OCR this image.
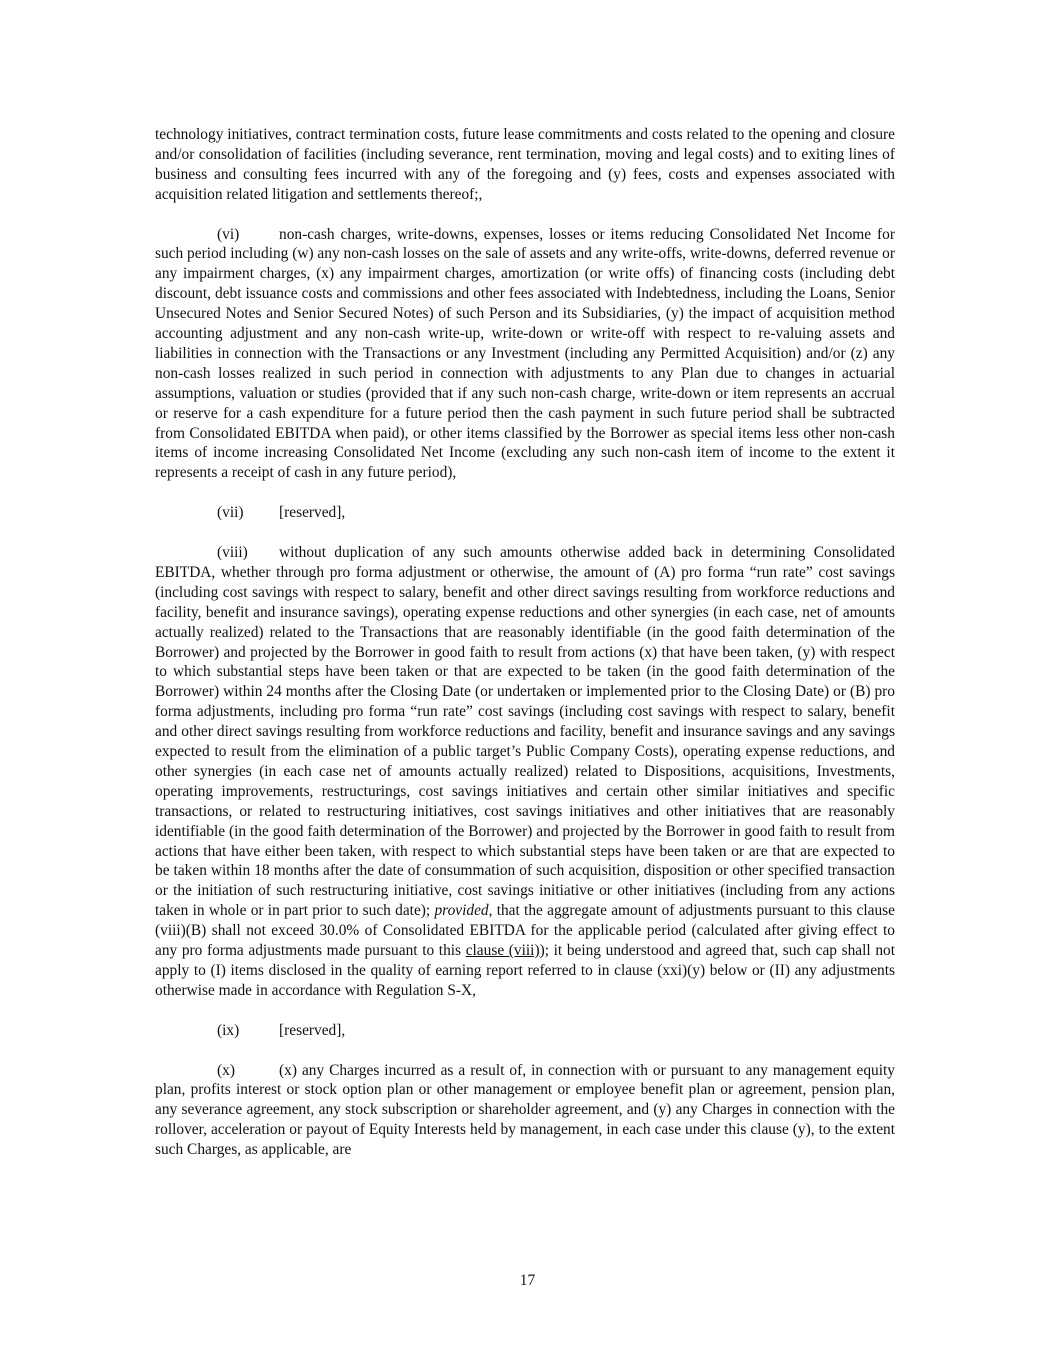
technology initiatives, contract termination costs, future lease commitments and costs related to the opening and closure and/or consolidation of facilities (including severance, rent termination, moving and legal costs) and to exiting lines of business and consulting fees incurred with any of the foregoing and (y) fees, costs and expenses associated with acquisition related litigation and settlements thereof;,

(vi)	non-cash charges, write-downs, expenses, losses or items reducing Consolidated Net Income for such period including (w) any non-cash losses on the sale of assets and any write-offs, write-downs, deferred revenue or any impairment charges, (x) any impairment charges, amortization (or write offs) of financing costs (including debt discount, debt issuance costs and commissions and other fees associated with Indebtedness, including the Loans, Senior Unsecured Notes and Senior Secured Notes) of such Person and its Subsidiaries, (y) the impact of acquisition method accounting adjustment and any non-cash write-up, write-down or write-off with respect to re-valuing assets and liabilities in connection with the Transactions or any Investment (including any Permitted Acquisition) and/or (z) any non-cash losses realized in such period in connection with adjustments to any Plan due to changes in actuarial assumptions, valuation or studies (provided that if any such non-cash charge, write-down or item represents an accrual or reserve for a cash expenditure for a future period then the cash payment in such future period shall be subtracted from Consolidated EBITDA when paid), or other items classified by the Borrower as special items less other non-cash items of income increasing Consolidated Net Income (excluding any such non-cash item of income to the extent it represents a receipt of cash in any future period),

(vii) [reserved],

(viii) without duplication of any such amounts otherwise added back in determining Consolidated EBITDA, whether through pro forma adjustment or otherwise, the amount of (A) pro forma “run rate” cost savings (including cost savings with respect to salary, benefit and other direct savings resulting from workforce reductions and facility, benefit and insurance savings), operating expense reductions and other synergies (in each case, net of amounts actually realized) related to the Transactions that are reasonably identifiable (in the good faith determination of the Borrower) and projected by the Borrower in good faith to result from actions (x) that have been taken, (y) with respect to which substantial steps have been taken or that are expected to be taken (in the good faith determination of the Borrower) within 24 months after the Closing Date (or undertaken or implemented prior to the Closing Date) or (B) pro forma adjustments, including pro forma “run rate” cost savings (including cost savings with respect to salary, benefit and other direct savings resulting from workforce reductions and facility, benefit and insurance savings and any savings expected to result from the elimination of a public target’s Public Company Costs), operating expense reductions, and other synergies (in each case net of amounts actually realized) related to Dispositions, acquisitions, Investments, operating improvements, restructurings, cost savings initiatives and certain other similar initiatives and specific transactions, or related to restructuring initiatives, cost savings initiatives and other initiatives that are reasonably identifiable (in the good faith determination of the Borrower) and projected by the Borrower in good faith to result from actions that have either been taken, with respect to which substantial steps have been taken or are that are expected to be taken within 18 months after the date of consummation of such acquisition, disposition or other specified transaction or the initiation of such restructuring initiative, cost savings initiative or other initiatives (including from any actions taken in whole or in part prior to such date); provided, that the aggregate amount of adjustments pursuant to this clause (viii)(B) shall not exceed 30.0% of Consolidated EBITDA for the applicable period (calculated after giving effect to any pro forma adjustments made pursuant to this clause (viii)); it being understood and agreed that, such cap shall not apply to (I) items disclosed in the quality of earning report referred to in clause (xxi)(y) below or (II) any adjustments otherwise made in accordance with Regulation S-X,

(ix)	[reserved],

(x)	(x) any Charges incurred as a result of, in connection with or pursuant to any management equity plan, profits interest or stock option plan or other management or employee benefit plan or agreement, pension plan, any severance agreement, any stock subscription or shareholder agreement, and (y) any Charges in connection with the rollover, acceleration or payout of Equity Interests held by management, in each case under this clause (y), to the extent such Charges, as applicable, are

17
